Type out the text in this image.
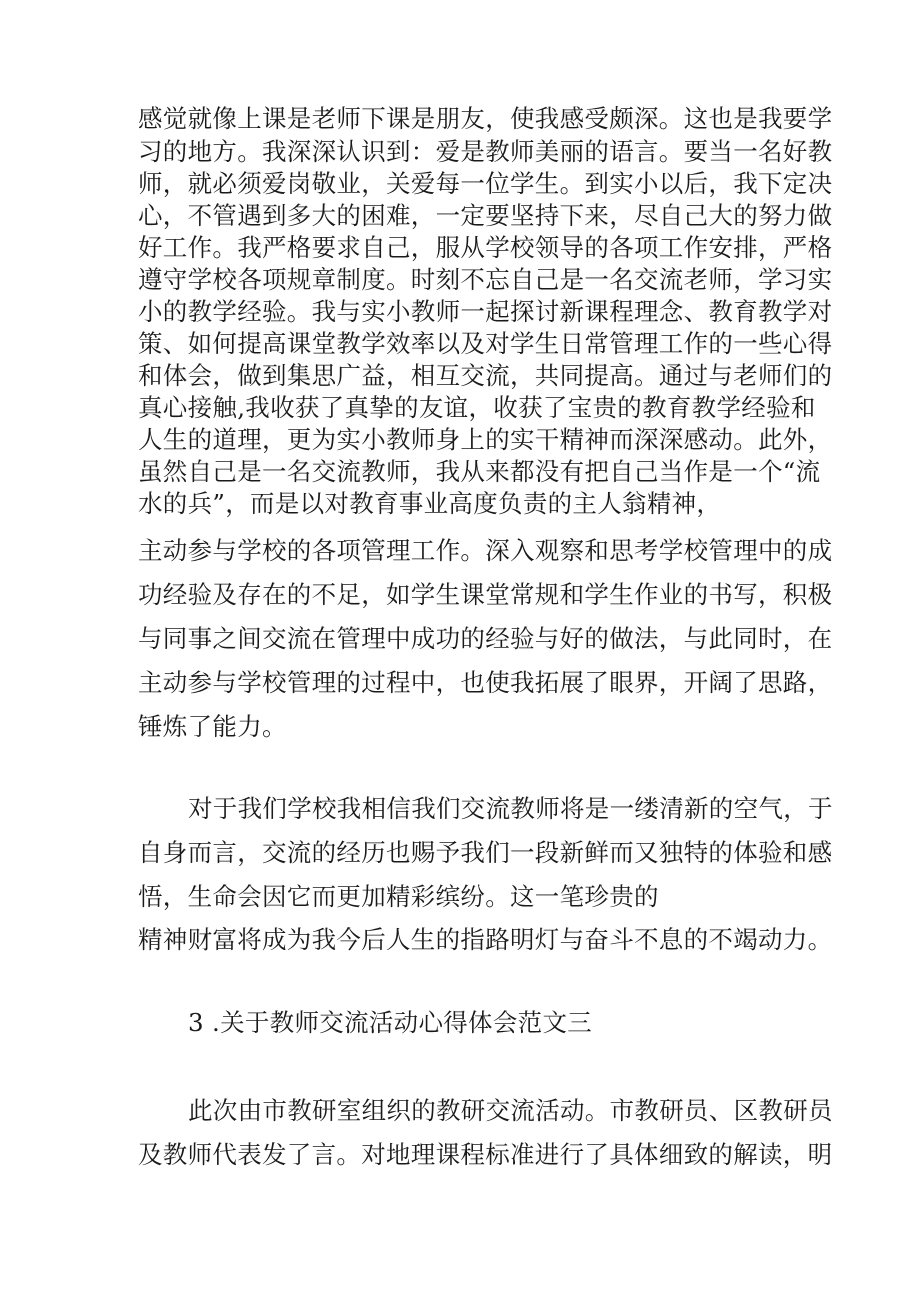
感觉就像上课是老师下课是朋友，使我感受颇深。这也是我要学
习的地方。我深深认识到：爱是教师美丽的语言。要当一名好教
师，就必须爱岗敬业，关爱每一位学生。到实小以后，我下定决
心，不管遇到多大的困难，一定要坚持下来，尽自己大的努力做
好工作。我严格要求自己，服从学校领导的各项工作安排，严格
遵守学校各项规章制度。时刻不忘自己是一名交流老师，学习实
小的教学经验。我与实小教师一起探讨新课程理念、教育教学对
策、如何提高课堂教学效率以及对学生日常管理工作的一些心得
和体会，做到集思广益，相互交流，共同提高。通过与老师们的
真心接触,我收获了真挚的友谊，收获了宝贵的教育教学经验和
人生的道理，更为实小教师身上的实干精神而深深感动。此外，
虽然自己是一名交流教师，我从来都没有把自己当作是一个“流
水的兵”，而是以对教育事业高度负责的主人翁精神，
主动参与学校的各项管理工作。深入观察和思考学校管理中的成
功经验及存在的不足，如学生课堂常规和学生作业的书写，积极
与同事之间交流在管理中成功的经验与好的做法，与此同时，在
主动参与学校管理的过程中，也使我拓展了眼界，开阔了思路，
锤炼了能力。
对于我们学校我相信我们交流教师将是一缕清新的空气，于
自身而言，交流的经历也赐予我们一段新鲜而又独特的体验和感
悟，生命会因它而更加精彩缤纷。这一笔珍贵的
精神财富将成为我今后人生的指路明灯与奋斗不息的不竭动力。
3 .关于教师交流活动心得体会范文三
此次由市教研室组织的教研交流活动。市教研员、区教研员
及教师代表发了言。对地理课程标准进行了具体细致的解读，明
